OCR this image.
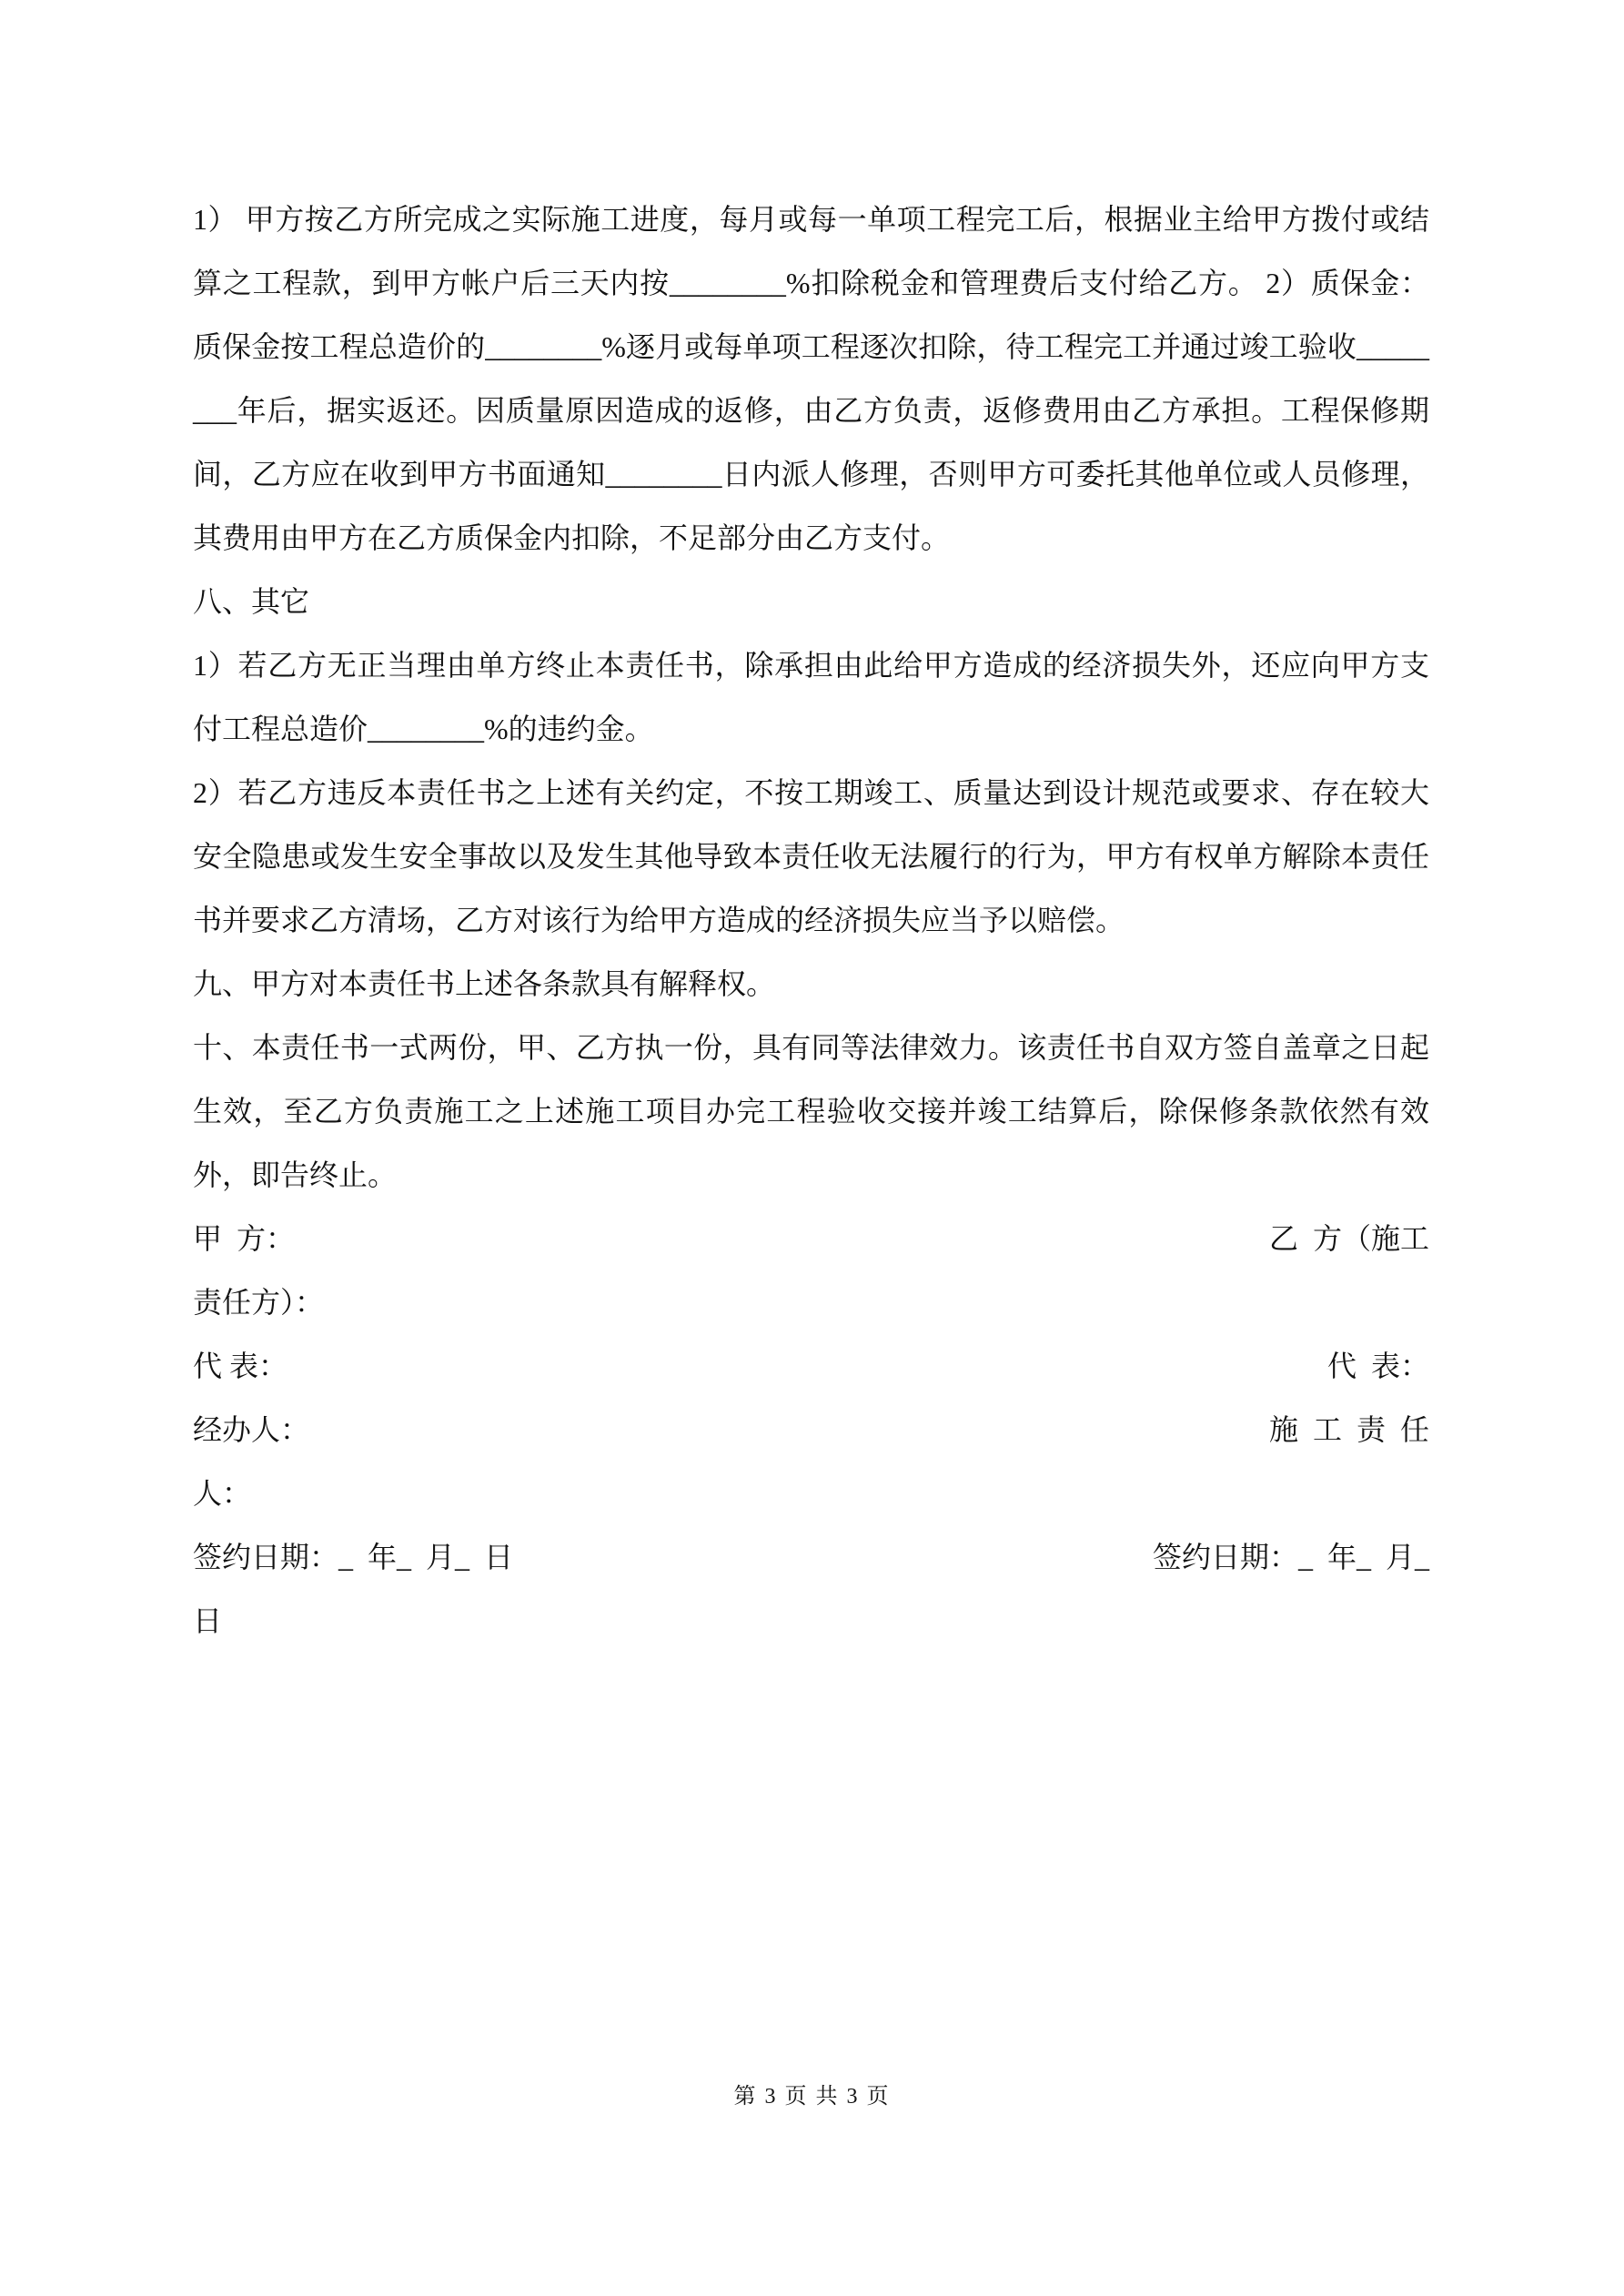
1） 甲方按乙方所完成之实际施工进度，每月或每一单项工程完工后，根据业主给甲方拨付或结算之工程款，到甲方帐户后三天内按________%扣除税金和管理费后支付给乙方。 2）质保金：质保金按工程总造价的________%逐月或每单项工程逐次扣除，待工程完工并通过竣工验收________年后，据实返还。因质量原因造成的返修，由乙方负责，返修费用由乙方承担。工程保修期间，乙方应在收到甲方书面通知________日内派人修理，否则甲方可委托其他单位或人员修理，其费用由甲方在乙方质保金内扣除，不足部分由乙方支付。

八、其它

1）若乙方无正当理由单方终止本责任书，除承担由此给甲方造成的经济损失外，还应向甲方支付工程总造价________%的违约金。

2）若乙方违反本责任书之上述有关约定，不按工期竣工、质量达到设计规范或要求、存在较大安全隐患或发生安全事故以及发生其他导致本责任收无法履行的行为，甲方有权单方解除本责任书并要求乙方清场，乙方对该行为给甲方造成的经济损失应当予以赔偿。

九、甲方对本责任书上述各条款具有解释权。

十、本责任书一式两份，甲、乙方执一份，具有同等法律效力。该责任书自双方签自盖章之日起生效，至乙方负责施工之上述施工项目办完工程验收交接并竣工结算后，除保修条款依然有效外，即告终止。

甲  方：	乙  方（施工
责任方）：
代 表：	代  表：
经办人：	施  工  责  任
人：
签约日期：_  年_  月_  日	签约日期：_  年_  月_
日
第 3 页 共 3 页
